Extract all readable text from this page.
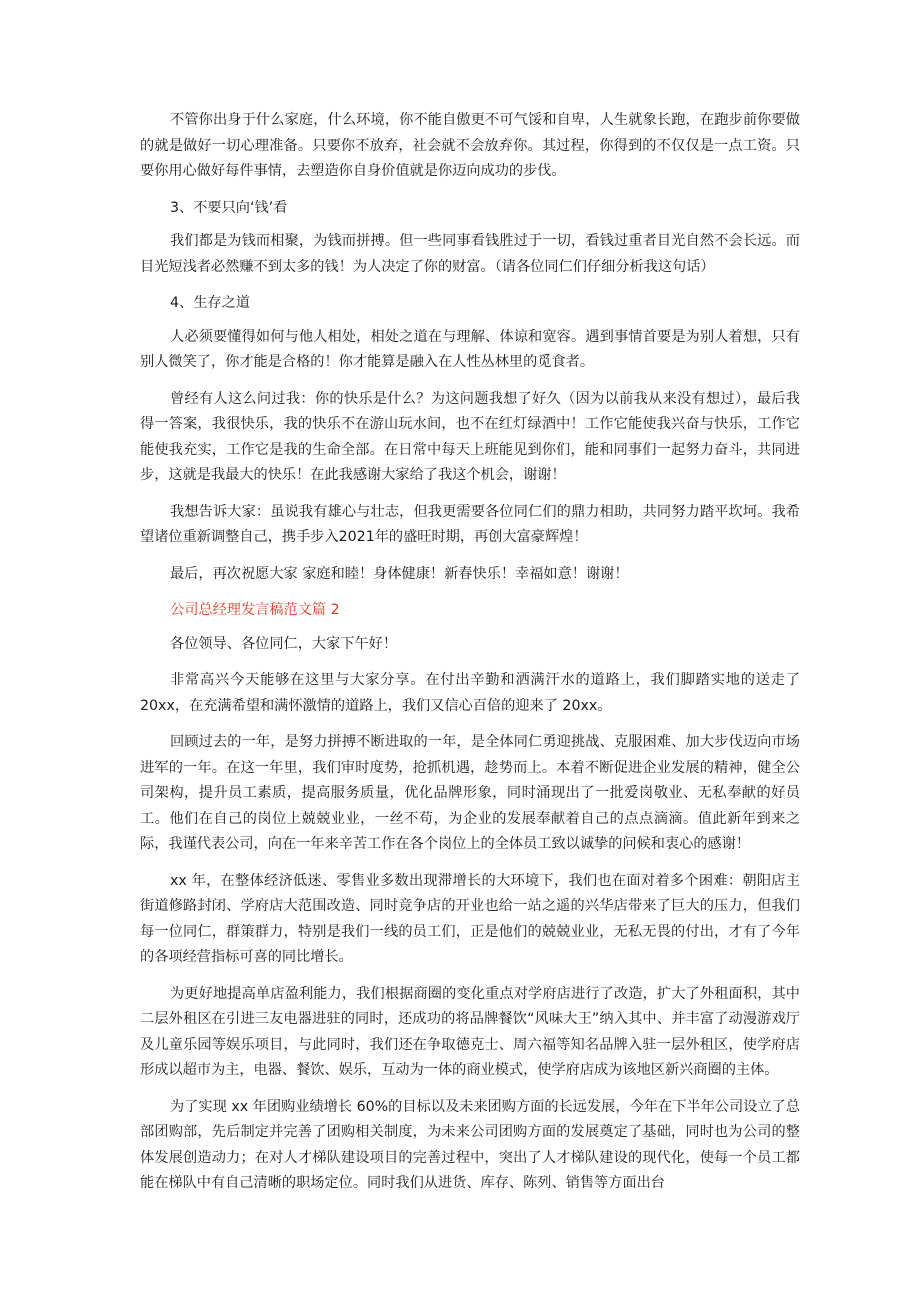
不管你出身于什么家庭，什么环境，你不能自傲更不可气馁和自卑，人生就象长跑，在跑步前你要做的就是做好一切心理准备。只要你不放弃，社会就不会放弃你。其过程，你得到的不仅仅是一点工资。只要你用心做好每件事情，去塑造你自身价值就是你迈向成功的步伐。

3、不要只向‘钱’看

我们都是为钱而相聚，为钱而拼搏。但一些同事看钱胜过于一切，看钱过重者目光自然不会长远。而目光短浅者必然赚不到太多的钱！为人决定了你的财富。（请各位同仁们仔细分析我这句话）

4、生存之道

人必须要懂得如何与他人相处，相处之道在与理解、体谅和宽容。遇到事情首要是为别人着想，只有别人微笑了，你才能是合格的！你才能算是融入在人性丛林里的觅食者。

曾经有人这么问过我：你的快乐是什么？为这问题我想了好久（因为以前我从来没有想过），最后我得一答案，我很快乐，我的快乐不在游山玩水间，也不在红灯绿酒中！工作它能使我兴奋与快乐，工作它能使我充实，工作它是我的生命全部。在日常中每天上班能见到你们，能和同事们一起努力奋斗，共同进步，这就是我最大的快乐！在此我感谢大家给了我这个机会，谢谢！

我想告诉大家：虽说我有雄心与壮志，但我更需要各位同仁们的鼎力相助，共同努力踏平坎坷。我希望诸位重新调整自己，携手步入2021年的盛旺时期，再创大富豪辉煌！

最后，再次祝愿大家 家庭和睦！身体健康！新春快乐！幸福如意！谢谢！

公司总经理发言稿范文篇 2

各位领导、各位同仁，大家下午好！

非常高兴今天能够在这里与大家分享。在付出辛勤和洒满汗水的道路上，我们脚踏实地的送走了 20xx，在充满希望和满怀激情的道路上，我们又信心百倍的迎来了 20xx。

回顾过去的一年，是努力拼搏不断进取的一年，是全体同仁勇迎挑战、克服困难、加大步伐迈向市场进军的一年。在这一年里，我们审时度势，抢抓机遇，趁势而上。本着不断促进企业发展的精神，健全公司架构，提升员工素质，提高服务质量，优化品牌形象，同时涌现出了一批爱岗敬业、无私奉献的好员工。他们在自己的岗位上兢兢业业，一丝不苟，为企业的发展奉献着自己的点点滴滴。值此新年到来之际，我谨代表公司，向在一年来辛苦工作在各个岗位上的全体员工致以诚挚的问候和衷心的感谢！

xx 年，在整体经济低迷、零售业多数出现滞增长的大环境下，我们也在面对着多个困难：朝阳店主街道修路封闭、学府店大范围改造、同时竞争店的开业也给一站之遥的兴华店带来了巨大的压力，但我们每一位同仁，群策群力，特别是我们一线的员工们，正是他们的兢兢业业，无私无畏的付出，才有了今年的各项经营指标可喜的同比增长。

为更好地提高单店盈利能力，我们根据商圈的变化重点对学府店进行了改造，扩大了外租面积，其中二层外租区在引进三友电器进驻的同时，还成功的将品牌餐饮“风味大王”纳入其中、并丰富了动漫游戏厅及儿童乐园等娱乐项目，与此同时，我们还在争取德克士、周六福等知名品牌入驻一层外租区，使学府店形成以超市为主，电器、餐饮、娱乐，互动为一体的商业模式，使学府店成为该地区新兴商圈的主体。

为了实现 xx 年团购业绩增长 60%的目标以及未来团购方面的长远发展，今年在下半年公司设立了总部团购部，先后制定并完善了团购相关制度，为未来公司团购方面的发展奠定了基础，同时也为公司的整体发展创造动力；在对人才梯队建设项目的完善过程中，突出了人才梯队建设的现代化，使每一个员工都能在梯队中有自己清晰的职场定位。同时我们从进货、库存、陈列、销售等方面出台
